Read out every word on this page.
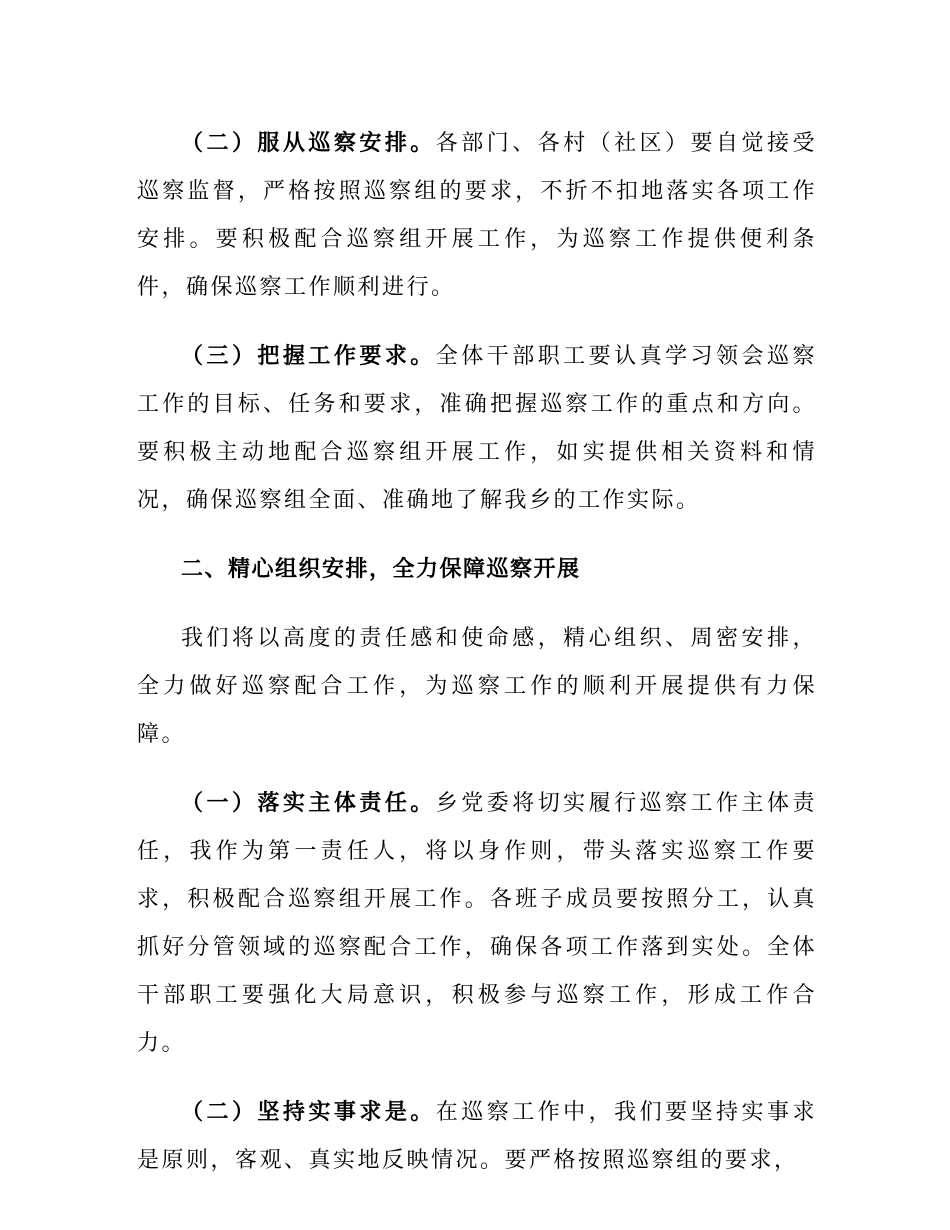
（二）服从巡察安排。各部门、各村（社区）要自觉接受巡察监督，严格按照巡察组的要求，不折不扣地落实各项工作安排。要积极配合巡察组开展工作，为巡察工作提供便利条件，确保巡察工作顺利进行。

（三）把握工作要求。全体干部职工要认真学习领会巡察工作的目标、任务和要求，准确把握巡察工作的重点和方向。要积极主动地配合巡察组开展工作，如实提供相关资料和情况，确保巡察组全面、准确地了解我乡的工作实际。

二、精心组织安排，全力保障巡察开展

我们将以高度的责任感和使命感，精心组织、周密安排，全力做好巡察配合工作，为巡察工作的顺利开展提供有力保障。

（一）落实主体责任。乡党委将切实履行巡察工作主体责任，我作为第一责任人，将以身作则，带头落实巡察工作要求，积极配合巡察组开展工作。各班子成员要按照分工，认真抓好分管领域的巡察配合工作，确保各项工作落到实处。全体干部职工要强化大局意识，积极参与巡察工作，形成工作合力。

（二）坚持实事求是。在巡察工作中，我们要坚持实事求是原则，客观、真实地反映情况。要严格按照巡察组的要求，
